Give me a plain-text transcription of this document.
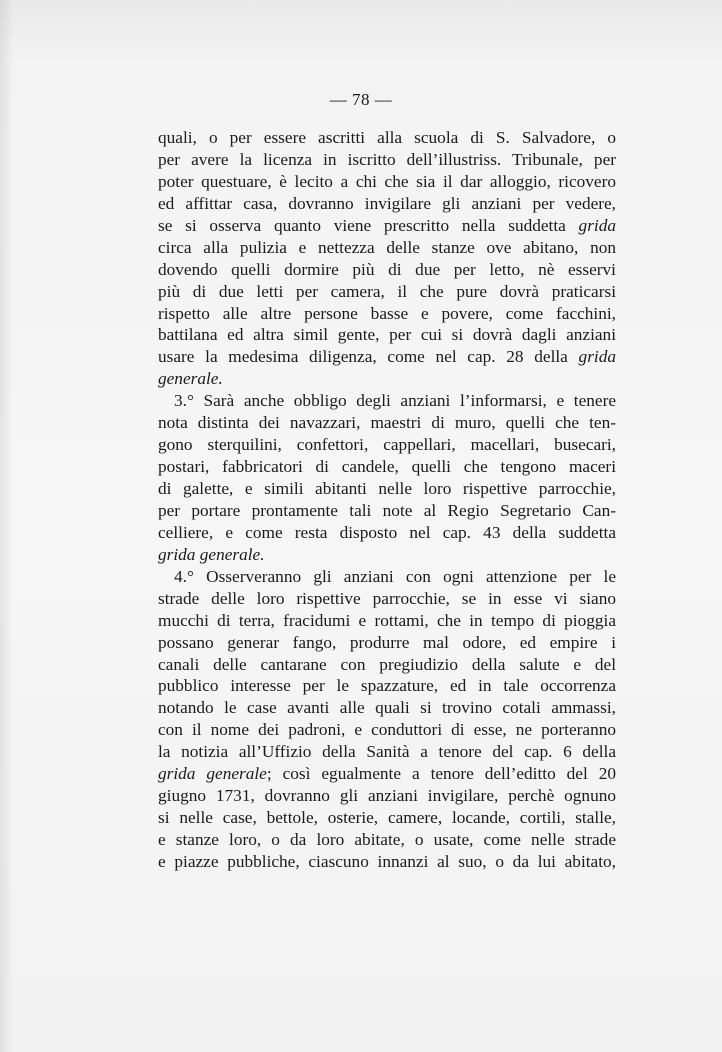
— 78 —
quali, o per essere ascritti alla scuola di S. Salvadore, o
per avere la licenza in iscritto dell’illustriss. Tribunale, per
poter questuare, è lecito a chi che sia il dar alloggio, ricovero
ed affittar casa, dovranno invigilare gli anziani per vedere,
se si osserva quanto viene prescritto nella suddetta grida
circa alla pulizia e nettezza delle stanze ove abitano, non
dovendo quelli dormire più di due per letto, nè esservi
più di due letti per camera, il che pure dovrà praticarsi
rispetto alle altre persone basse e povere, come facchini,
battilana ed altra simil gente, per cui si dovrà dagli anziani
usare la medesima diligenza, come nel cap. 28 della grida
generale.
3.° Sarà anche obbligo degli anziani l’informarsi, e tenere
nota distinta dei navazzari, maestri di muro, quelli che ten-
gono sterquilini, confettori, cappellari, macellari, busecari,
postari, fabbricatori di candele, quelli che tengono maceri
di galette, e simili abitanti nelle loro rispettive parrocchie,
per portare prontamente tali note al Regio Segretario Can-
celliere, e come resta disposto nel cap. 43 della suddetta
grida generale.
4.° Osserveranno gli anziani con ogni attenzione per le
strade delle loro rispettive parrocchie, se in esse vi siano
mucchi di terra, fracidumi e rottami, che in tempo di pioggia
possano generar fango, produrre mal odore, ed empire i
canali delle cantarane con pregiudizio della salute e del
pubblico interesse per le spazzature, ed in tale occorrenza
notando le case avanti alle quali si trovino cotali ammassi,
con il nome dei padroni, e conduttori di esse, ne porteranno
la notizia all’Uffizio della Sanità a tenore del cap. 6 della
grida generale; così egualmente a tenore dell’editto del 20
giugno 1731, dovranno gli anziani invigilare, perchè ognuno
si nelle case, bettole, osterie, camere, locande, cortili, stalle,
e stanze loro, o da loro abitate, o usate, come nelle strade
e piazze pubbliche, ciascuno innanzi al suo, o da lui abitato,
